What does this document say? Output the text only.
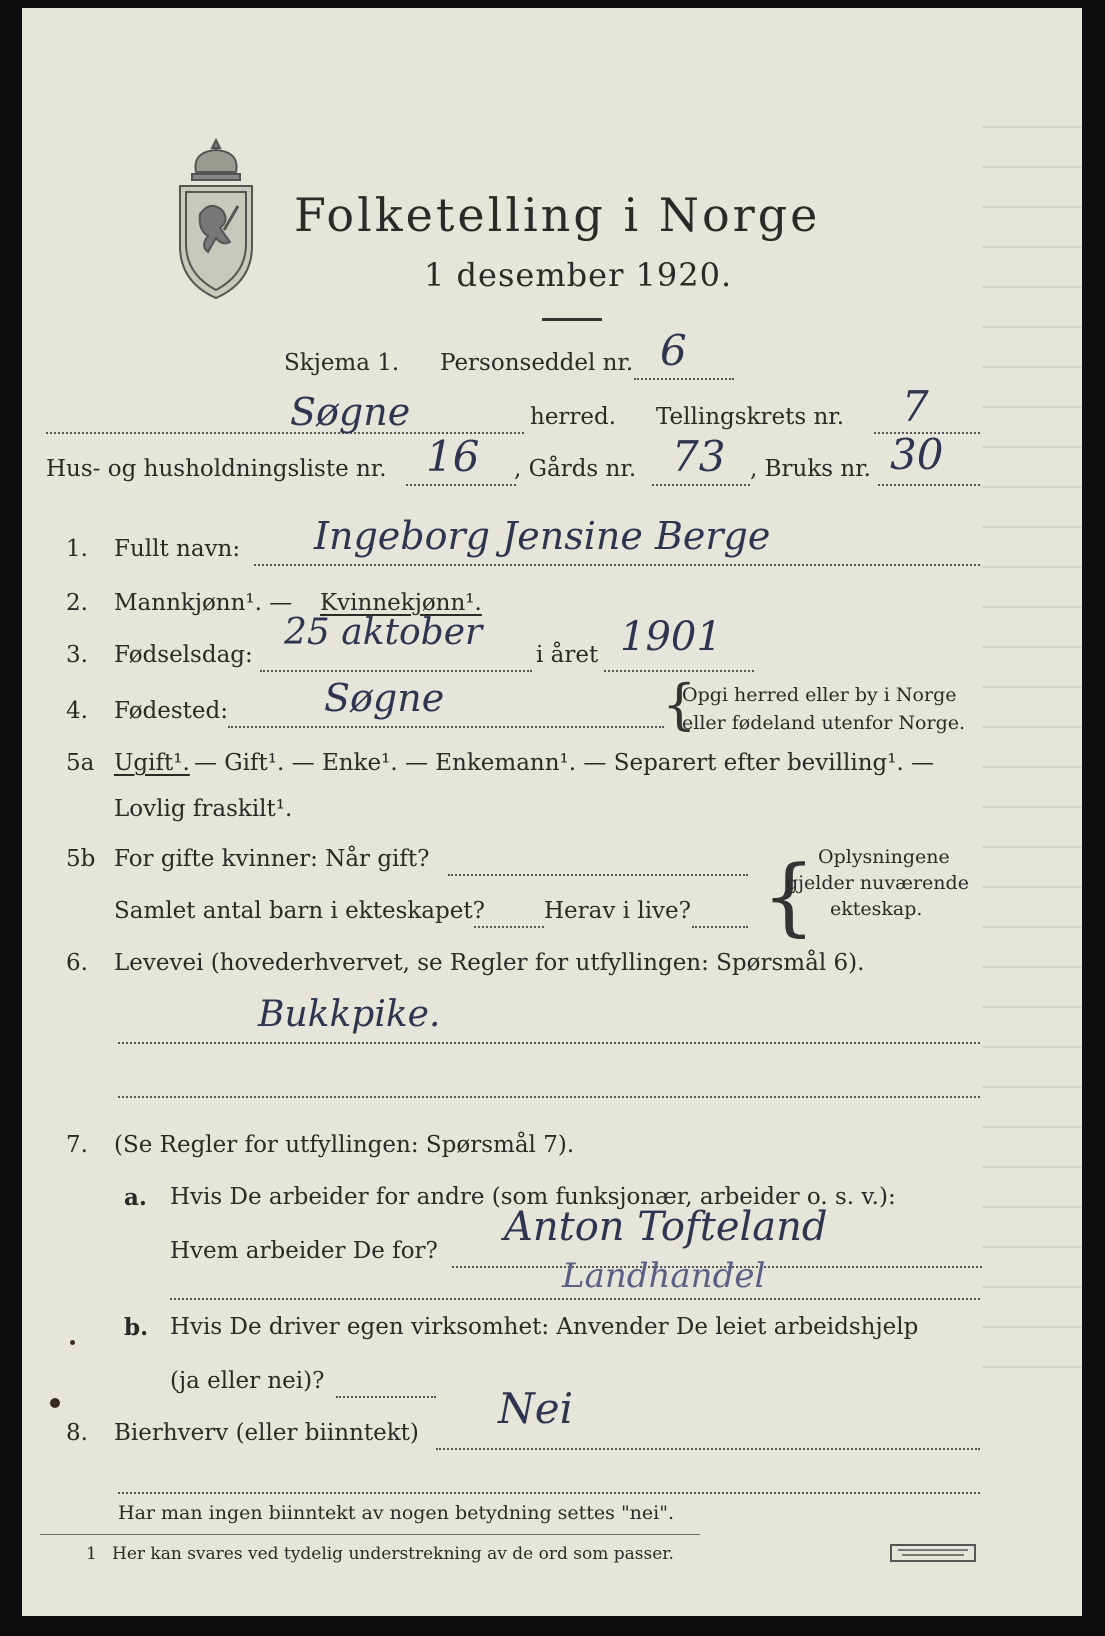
Folketelling i Norge
1 desember 1920.
Skjema 1. Personseddel nr. 6
Søgne	herred. Tellingskrets nr. 7
Hus- og husholdningsliste nr. 16 , Gårds nr. 73 , Bruks nr. 30
1. Fullt navn: Ingeborg Jensine Berge
2. Mannkjønn¹. — Kvinnekjønn¹.
3. Fødselsdag:
25 aktober
i året 1901
4. Fødested:	Søgne	{
Opgi herred eller by i Norge
eller fødeland utenfor Norge.
5a Ugift¹. — Gift¹. — Enke¹. — Enkemann¹. — Separert efter bevilling¹. —
Lovlig fraskilt¹.
5b For gifte kvinner: Når gift?
Samlet antal barn i ekteskapet?	Herav i live? { Oplysningene
gjelder nuværende
ekteskap.
6. Levevei (hovederhvervet, se Regler for utfyllingen: Spørsmål 6).
Bukkpike.
7. (Se Regler for utfyllingen: Spørsmål 7).
a. Hvis De arbeider for andre (som funksjonær, arbeider o. s. v.):
Hvem arbeider De for?
Anton Tofteland
Landhandel
b. Hvis De driver egen virksomhet: Anvender De leiet arbeidshjelp
(ja eller nei)?
8. Bierhverv (eller biinntekt) Nei
Har man ingen biinntekt av nogen betydning settes "nei".
1 Her kan svares ved tydelig understrekning av de ord som passer.
